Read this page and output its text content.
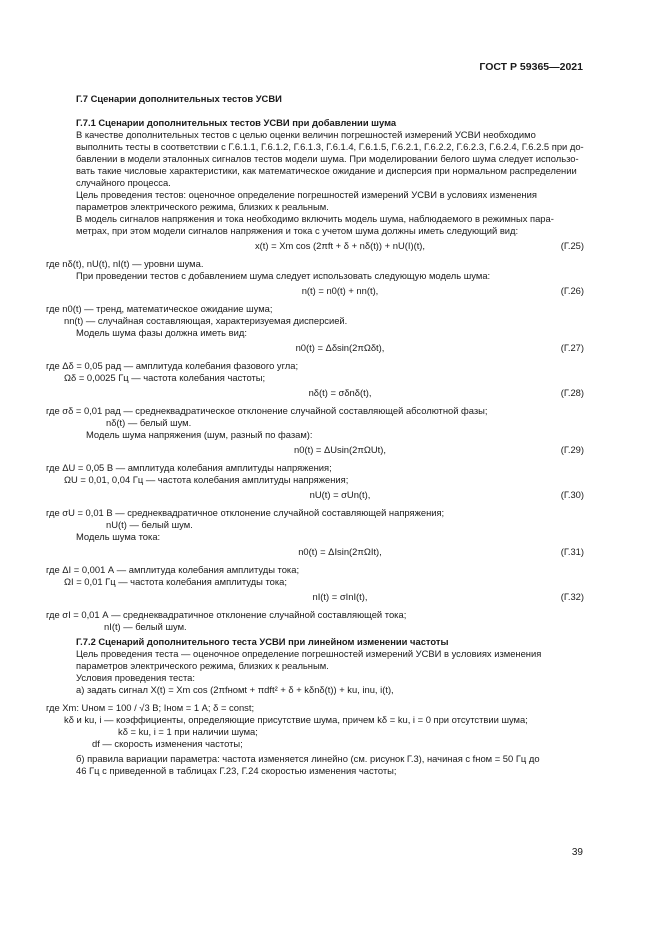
ГОСТ Р 59365—2021

Г.7 Сценарии дополнительных тестов УСВИ

Г.7.1 Сценарии дополнительных тестов УСВИ при добавлении шума

В качестве дополнительных тестов с целью оценки величин погрешностей измерений УСВИ необходимо

выполнить тесты в соответствии с Г.6.1.1, Г.6.1.2, Г.6.1.3, Г.6.1.4, Г.6.1.5, Г.6.2.1, Г.6.2.2, Г.6.2.3, Г.6.2.4, Г.6.2.5 при до-

бавлении в модели эталонных сигналов тестов модели шума. При моделировании белого шума следует использо-

вать такие числовые характеристики, как математическое ожидание и дисперсия при нормальном распределении

случайного процесса.

Цель проведения тестов: оценочное определение погрешностей измерений УСВИ в условиях изменения

параметров электрического режима, близких к реальным.

В модель сигналов напряжения и тока необходимо включить модель шума, наблюдаемого в режимных пара-

метрах, при этом модели сигналов напряжения и тока с учетом шума должны иметь следующий вид:

x(t) = Xm cos (2πft + δ + nδ(t)) + nU(I)(t),	(Г.25)

где nδ(t), nU(t), nI(t) — уровни шума.

При проведении тестов с добавлением шума следует использовать следующую модель шума:

n(t) = n0(t) + nn(t),	(Г.26)

где n0(t) — тренд, математическое ожидание шума;

nn(t) — случайная составляющая, характеризуемая дисперсией.

Модель шума фазы должна иметь вид:

n0(t) = Δδsin(2πΩδt),	(Г.27)

где Δδ = 0,05 рад — амплитуда колебания фазового угла;

Ωδ = 0,0025 Гц — частота колебания частоты;

nδ(t) = σδnδ(t),	(Г.28)

где σδ = 0,01 рад — среднеквадратическое отклонение случайной составляющей абсолютной фазы;

nδ(t) — белый шум.

Модель шума напряжения (шум, разный по фазам):

n0(t) = ΔUsin(2πΩUt),	(Г.29)

где ΔU = 0,05 В — амплитуда колебания амплитуды напряжения;

ΩU = 0,01, 0,04 Гц — частота колебания амплитуды напряжения;

nU(t) = σUn(t),	(Г.30)

где σU = 0,01 В — среднеквадратичное отклонение случайной составляющей напряжения;

nU(t) — белый шум.

Модель шума тока:

n0(t) = ΔIsin(2πΩIt),	(Г.31)

где ΔI = 0,001 А — амплитуда колебания амплитуды тока;

ΩI = 0,01 Гц — частота колебания амплитуды тока;

nI(t) = σInI(t),	(Г.32)

где σI = 0,01 А — среднеквадратичное отклонение случайной составляющей тока;

nI(t) — белый шум.

Г.7.2 Сценарий дополнительного теста УСВИ при линейном изменении частоты

Цель проведения теста — оценочное определение погрешностей измерений УСВИ в условиях изменения

параметров электрического режима, близких к реальным.

Условия проведения теста:

а) задать сигнал X(t) = Xm cos (2πfномt + πdft² + δ + kδnδ(t)) + ku, inu, i(t),

где Xm: Uном = 100 / √3 В; Iном = 1 А; δ = const;

kδ и ku, i — коэффициенты, определяющие присутствие шума, причем kδ = ku, i = 0 при отсутствии шума;

kδ = ku, i = 1 при наличии шума;

df — скорость изменения частоты;

б) правила вариации параметра: частота изменяется линейно (см. рисунок Г.3), начиная с fном = 50 Гц до

46 Гц с приведенной в таблицах Г.23, Г.24 скоростью изменения частоты;

39
